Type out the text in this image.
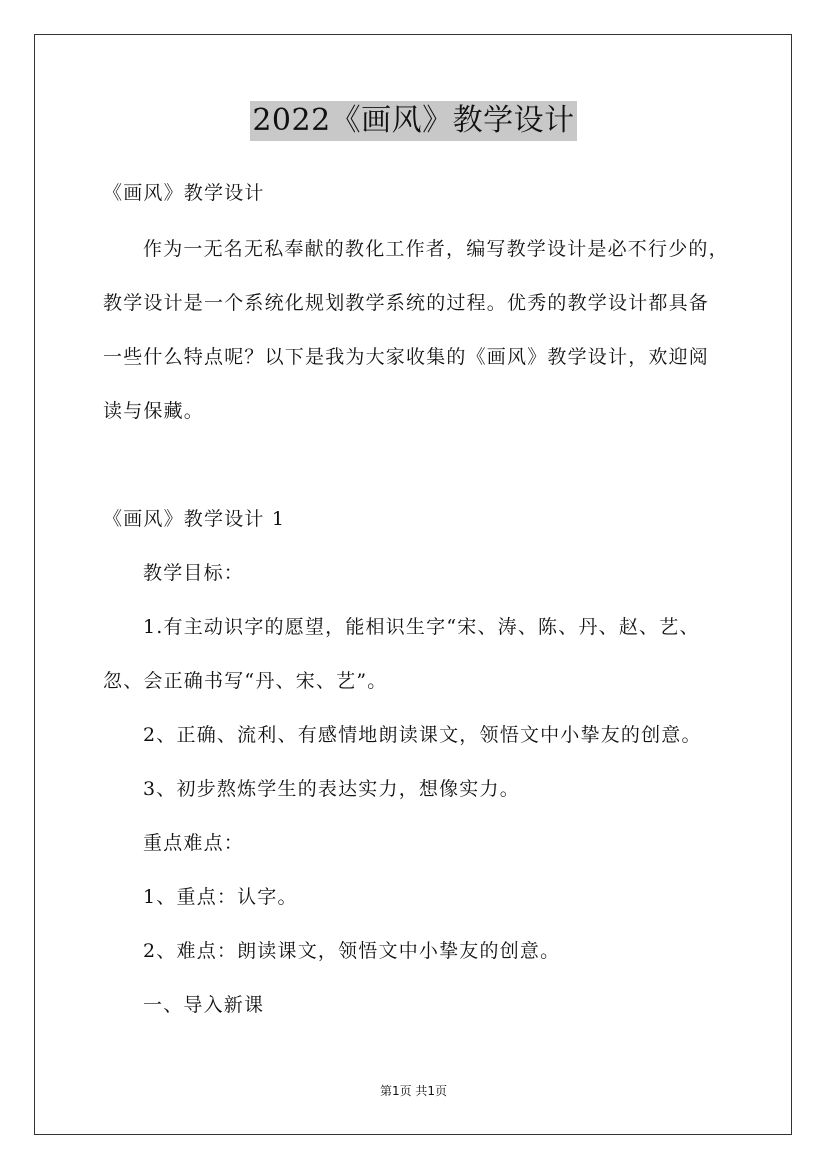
2022《画风》教学设计
《画风》教学设计
作为一无名无私奉献的教化工作者，编写教学设计是必不行少的，
教学设计是一个系统化规划教学系统的过程。优秀的教学设计都具备
一些什么特点呢？以下是我为大家收集的《画风》教学设计，欢迎阅
读与保藏。
《画风》教学设计 1
教学目标：
1.有主动识字的愿望，能相识生字“宋、涛、陈、丹、赵、艺、
忽、会正确书写“丹、宋、艺”。
2、正确、流利、有感情地朗读课文，领悟文中小挚友的创意。
3、初步熬炼学生的表达实力，想像实力。
重点难点：
1、重点：认字。
2、难点：朗读课文，领悟文中小挚友的创意。
一、导入新课
第1页 共1页
